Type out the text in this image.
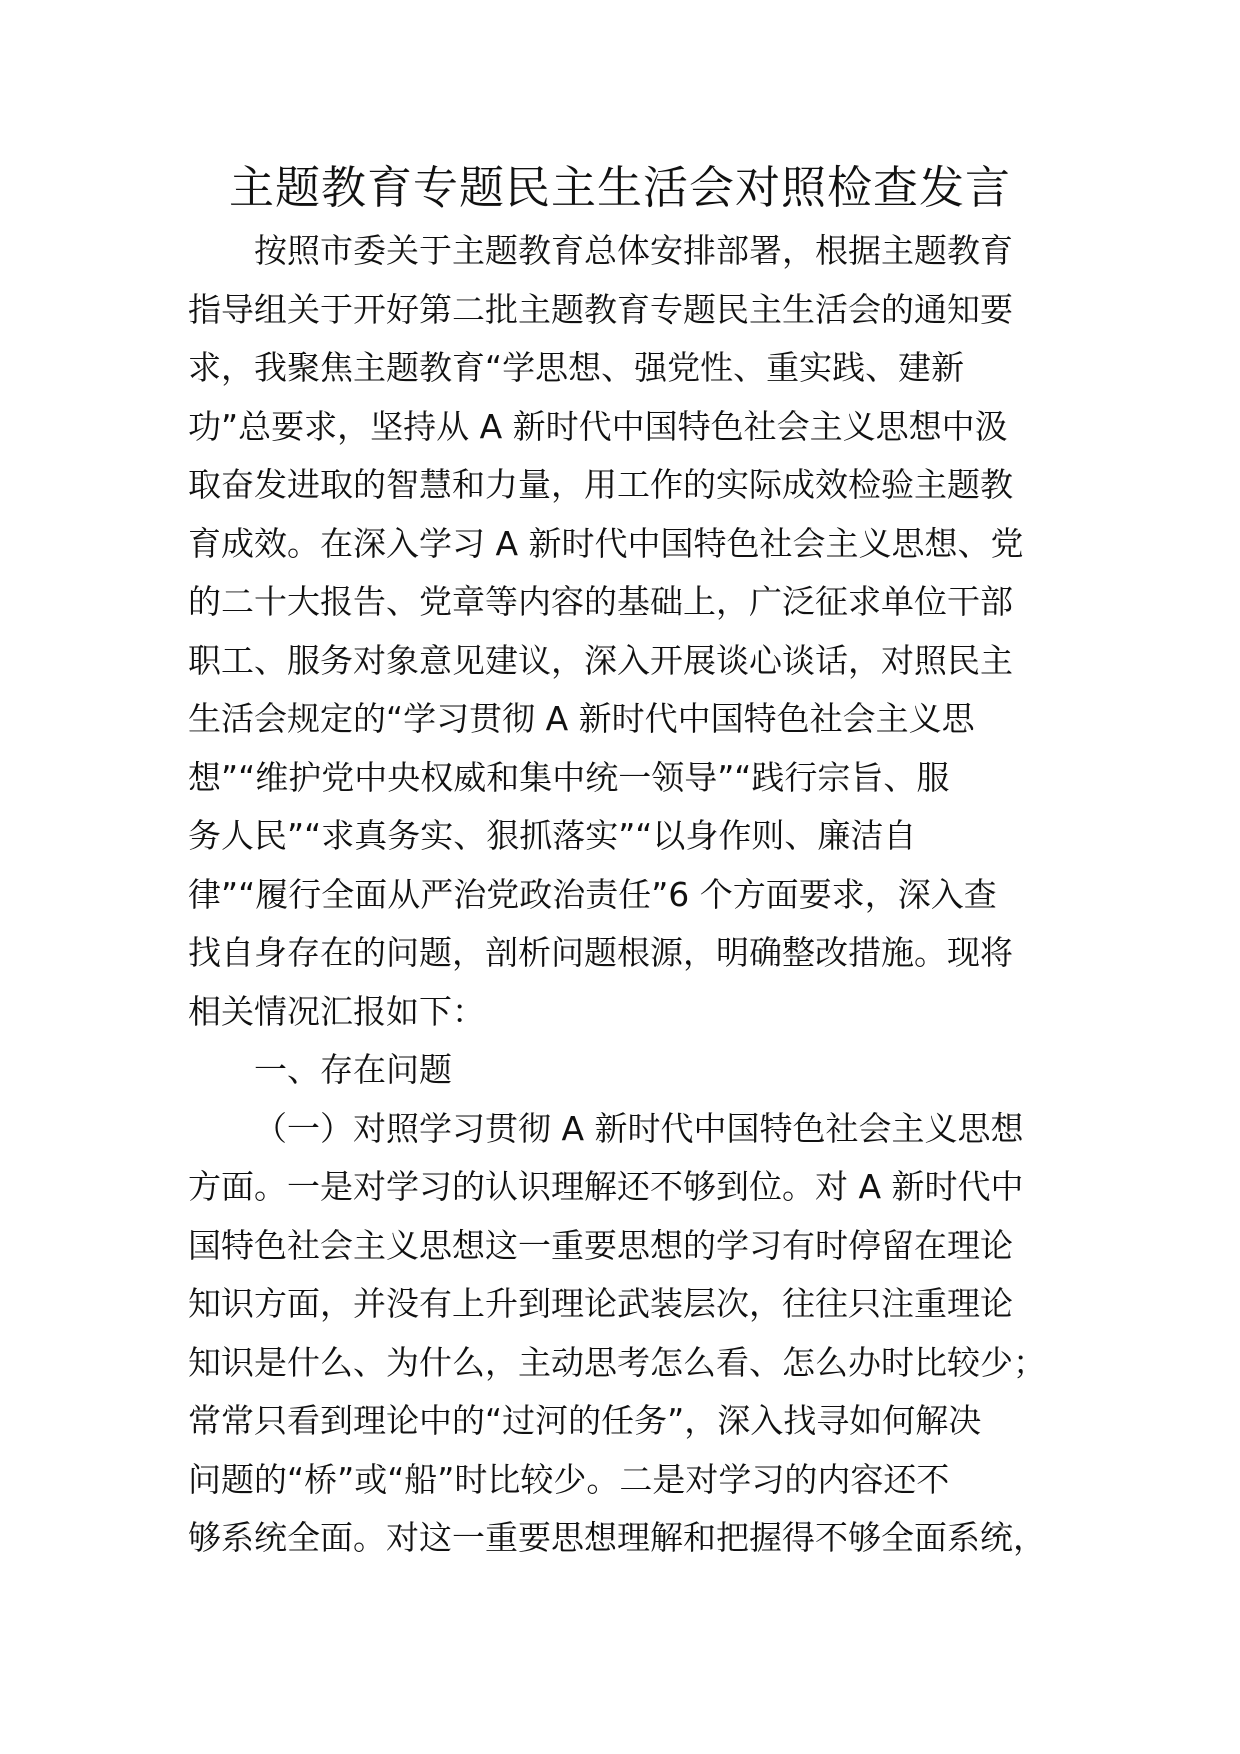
主题教育专题民主生活会对照检查发言
按照市委关于主题教育总体安排部署，根据主题教育
指导组关于开好第二批主题教育专题民主生活会的通知要
求，我聚焦主题教育“学思想、强党性、重实践、建新
功”总要求，坚持从 A 新时代中国特色社会主义思想中汲
取奋发进取的智慧和力量，用工作的实际成效检验主题教
育成效。在深入学习 A 新时代中国特色社会主义思想、党
的二十大报告、党章等内容的基础上，广泛征求单位干部
职工、服务对象意见建议，深入开展谈心谈话，对照民主
生活会规定的“学习贯彻 A 新时代中国特色社会主义思
想”“维护党中央权威和集中统一领导”“践行宗旨、服
务人民”“求真务实、狠抓落实”“以身作则、廉洁自
律”“履行全面从严治党政治责任”6 个方面要求，深入查
找自身存在的问题，剖析问题根源，明确整改措施。现将
相关情况汇报如下：
一、存在问题
（一）对照学习贯彻 A 新时代中国特色社会主义思想
方面。一是对学习的认识理解还不够到位。对 A 新时代中
国特色社会主义思想这一重要思想的学习有时停留在理论
知识方面，并没有上升到理论武装层次，往往只注重理论
知识是什么、为什么，主动思考怎么看、怎么办时比较少；
常常只看到理论中的“过河的任务”，深入找寻如何解决
问题的“桥”或“船”时比较少。二是对学习的内容还不
够系统全面。对这一重要思想理解和把握得不够全面系统，
